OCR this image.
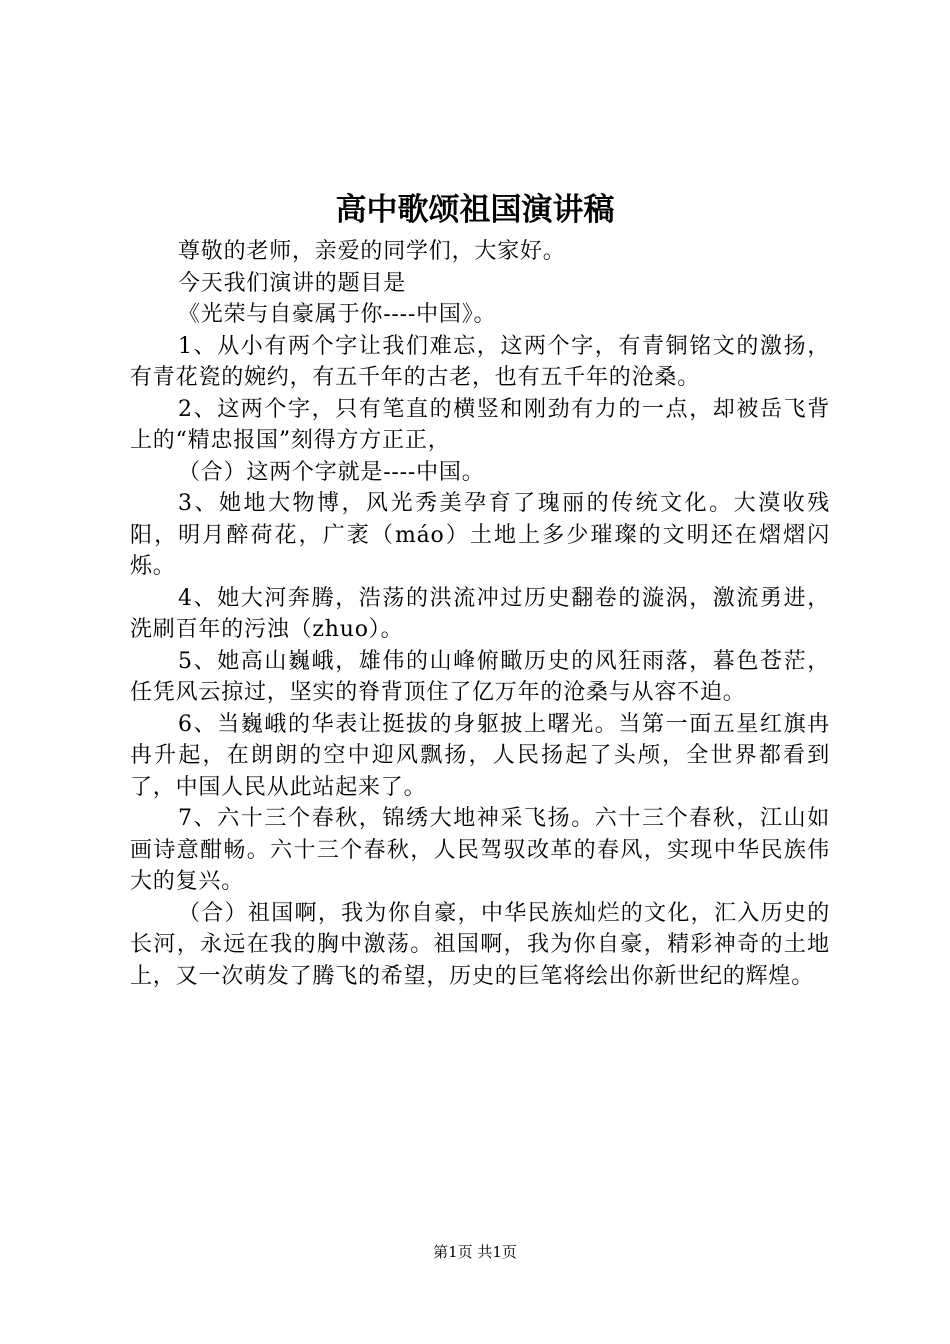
高中歌颂祖国演讲稿

尊敬的老师，亲爱的同学们，大家好。

今天我们演讲的题目是

《光荣与自豪属于你----中国》。

1、从小有两个字让我们难忘，这两个字，有青铜铭文的激扬，有青花瓷的婉约，有五千年的古老，也有五千年的沧桑。

2、这两个字，只有笔直的横竖和刚劲有力的一点，却被岳飞背上的“精忠报国”刻得方方正正，

（合）这两个字就是----中国。

3、她地大物博，风光秀美孕育了瑰丽的传统文化。大漠收残阳，明月醉荷花，广袤（máo）土地上多少璀璨的文明还在熠熠闪烁。

4、她大河奔腾，浩荡的洪流冲过历史翻卷的漩涡，激流勇进，洗刷百年的污浊（zhuo）。

5、她高山巍峨，雄伟的山峰俯瞰历史的风狂雨落，暮色苍茫，任凭风云掠过，坚实的脊背顶住了亿万年的沧桑与从容不迫。

6、当巍峨的华表让挺拔的身躯披上曙光。当第一面五星红旗冉冉升起，在朗朗的空中迎风飘扬，人民扬起了头颅，全世界都看到了，中国人民从此站起来了。

7、六十三个春秋，锦绣大地神采飞扬。六十三个春秋，江山如画诗意酣畅。六十三个春秋，人民驾驭改革的春风，实现中华民族伟大的复兴。

（合）祖国啊，我为你自豪，中华民族灿烂的文化，汇入历史的长河，永远在我的胸中激荡。祖国啊，我为你自豪，精彩神奇的土地上，又一次萌发了腾飞的希望，历史的巨笔将绘出你新世纪的辉煌。

第1页 共1页
